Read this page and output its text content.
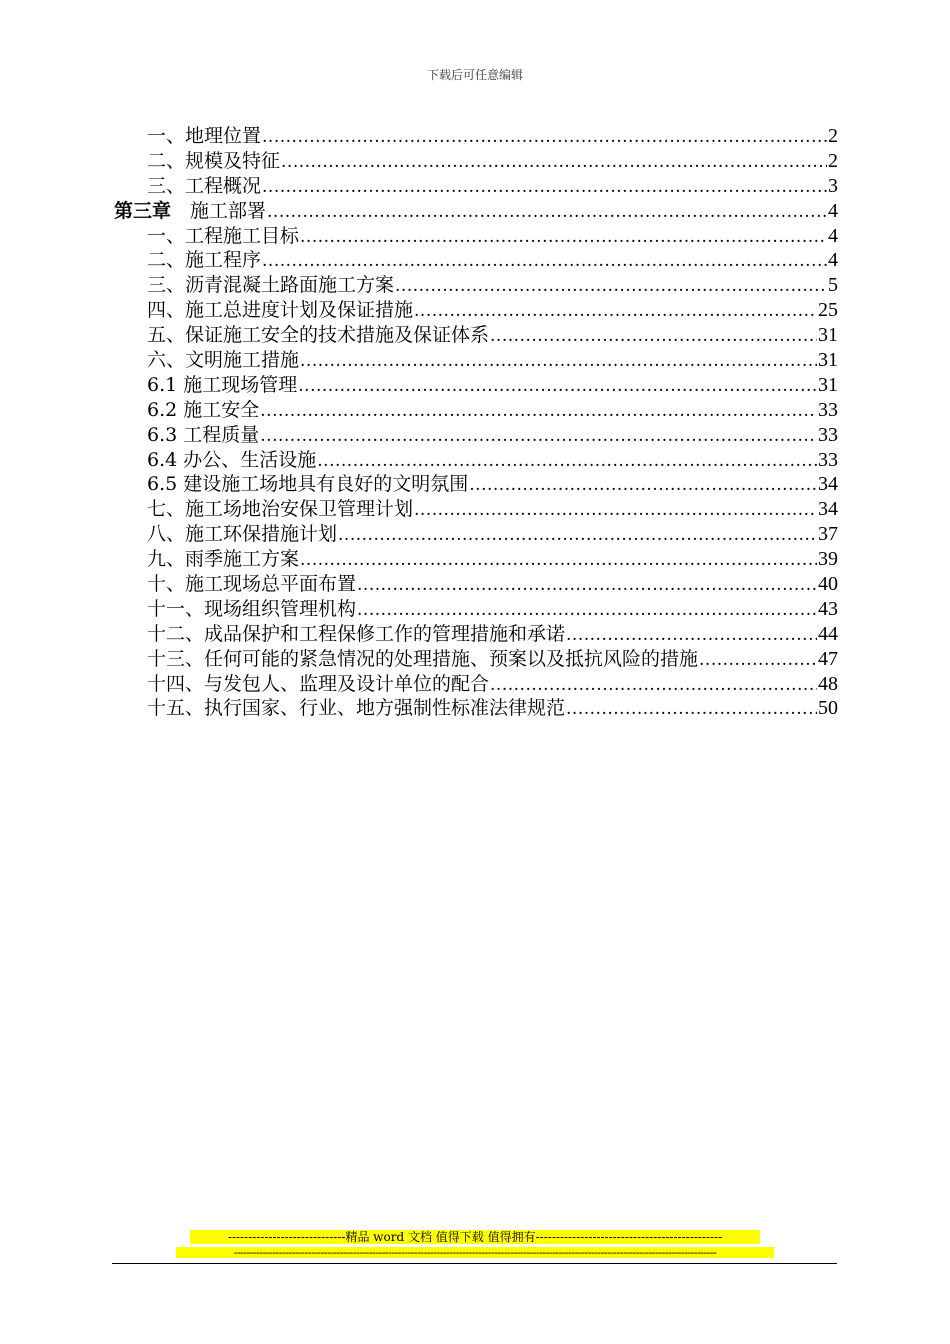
下载后可任意编辑
一、地理位置 .....	2
二、规模及特征 .....	2
三、工程概况 .....	3
第三章  施工部署 .....	4
一、工程施工目标 .....	4
二、施工程序 .....	4
三、沥青混凝土路面施工方案 .....	5
四、施工总进度计划及保证措施 .....	25
五、保证施工安全的技术措施及保证体系 .....	31
六、文明施工措施 .....	31
6.1 施工现场管理 .....	31
6.2 施工安全 .....	33
6.3 工程质量 .....	33
6.4 办公、生活设施 .....	33
6.5 建设施工场地具有良好的文明氛围 .....	34
七、施工场地治安保卫管理计划 .....	34
八、施工环保措施计划 .....	37
九、雨季施工方案 .....	39
十、施工现场总平面布置 .....	40
十一、现场组织管理机构 .....	43
十二、成品保护和工程保修工作的管理措施和承诺 .....	44
十三、任何可能的紧急情况的处理措施、预案以及抵抗风险的措施 .....	47
十四、与发包人、监理及设计单位的配合 .....	48
十五、执行国家、行业、地方强制性标准法律规范 .....	50
-----------------------------精品 word 文档 值得下载 值得拥有----------------------------------------------
------------------------------------------------------------------------------------------------------------------------------------------------------
